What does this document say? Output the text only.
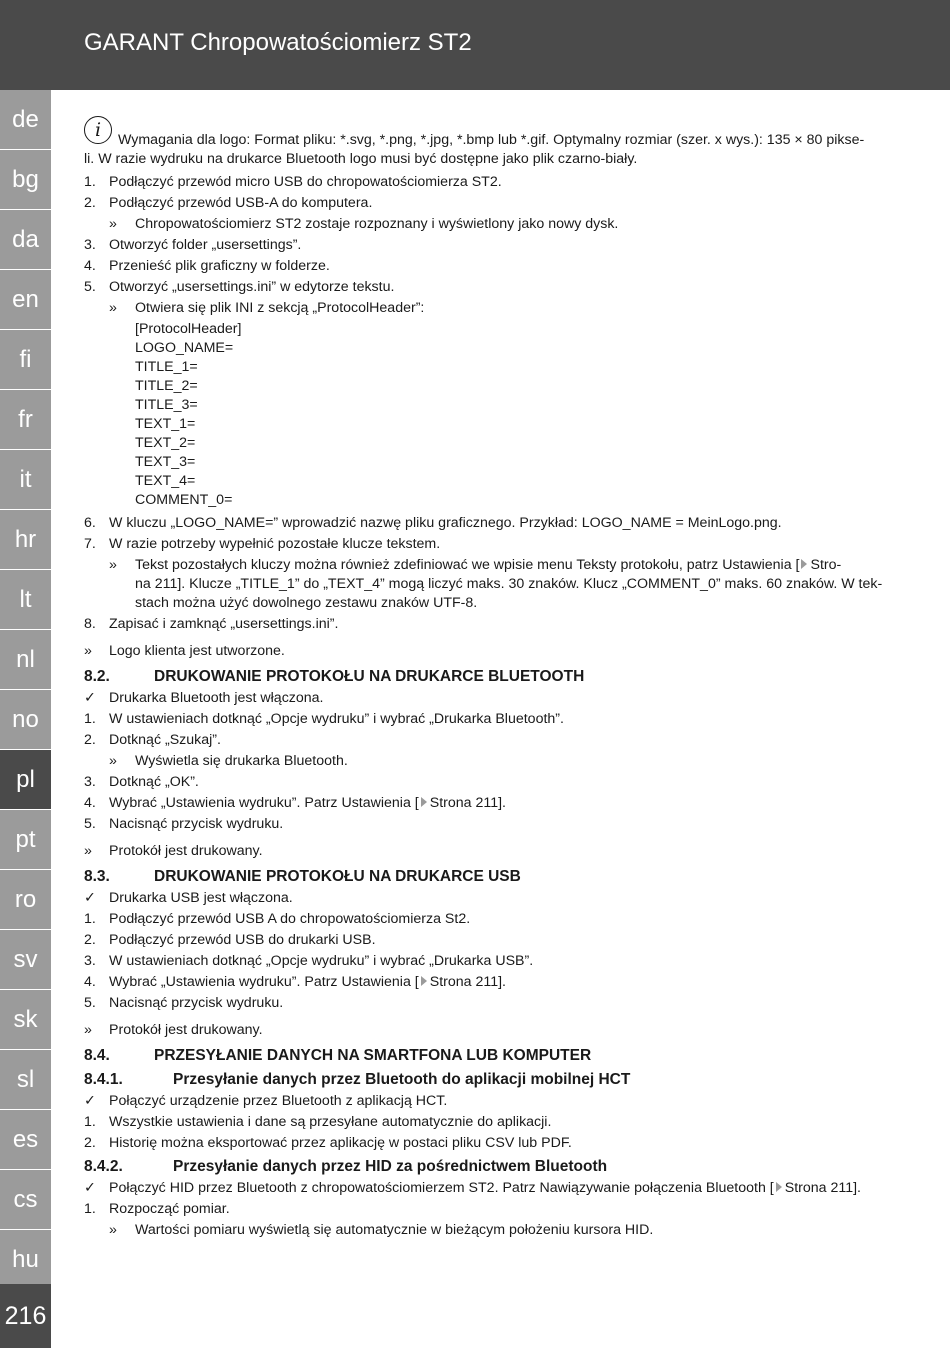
GARANT Chropowatościomierz ST2
de
bg
da
en
fi
fr
it
hr
lt
nl
no
pl
pt
ro
sv
sk
sl
es
cs
hu
216
i	Wymagania dla logo: Format pliku: *.svg, *.png, *.jpg, *.bmp lub *.gif. Optymalny rozmiar (szer. x wys.): 135 × 80 pikse-
li. W razie wydruku na drukarce Bluetooth logo musi być dostępne jako plik czarno-biały.
1. Podłączyć przewód micro USB do chropowatościomierza ST2.
2. Podłączyć przewód USB-A do komputera.
»	Chropowatościomierz ST2 zostaje rozpoznany i wyświetlony jako nowy dysk.
3. Otworzyć folder „usersettings”.
4. Przenieść plik graficzny w folderze.
5. Otworzyć „usersettings.ini” w edytorze tekstu.
»	Otwiera się plik INI z sekcją „ProtocolHeader”:
[ProtocolHeader]
LOGO_NAME=
TITLE_1=
TITLE_2=
TITLE_3=
TEXT_1=
TEXT_2=
TEXT_3=
TEXT_4=
COMMENT_0=
6. W kluczu „LOGO_NAME=” wprowadzić nazwę pliku graficznego. Przykład: LOGO_NAME = MeinLogo.png.
7. W razie potrzeby wypełnić pozostałe klucze tekstem.
»	Tekst pozostałych kluczy można również zdefiniować we wpisie menu Teksty protokołu, patrz Ustawienia [ Stro-
na 211]. Klucze „TITLE_1” do „TEXT_4” mogą liczyć maks. 30 znaków. Klucz „COMMENT_0” maks. 60 znaków. W tek-
stach można użyć dowolnego zestawu znaków UTF-8.
8. Zapisać i zamknąć „usersettings.ini”.
»	Logo klienta jest utworzone.
8.2.	DRUKOWANIE PROTOKOŁU NA DRUKARCE BLUETOOTH
✓ Drukarka Bluetooth jest włączona.
1. W ustawieniach dotknąć „Opcje wydruku” i wybrać „Drukarka Bluetooth”.
2. Dotknąć „Szukaj”.
»	Wyświetla się drukarka Bluetooth.
3. Dotknąć „OK”.
4. Wybrać „Ustawienia wydruku”. Patrz Ustawienia [ Strona 211].
5. Nacisnąć przycisk wydruku.
»	Protokół jest drukowany.
8.3.	DRUKOWANIE PROTOKOŁU NA DRUKARCE USB
✓ Drukarka USB jest włączona.
1. Podłączyć przewód USB A do chropowatościomierza St2.
2. Podłączyć przewód USB do drukarki USB.
3. W ustawieniach dotknąć „Opcje wydruku” i wybrać „Drukarka USB”.
4. Wybrać „Ustawienia wydruku”. Patrz Ustawienia [ Strona 211].
5. Nacisnąć przycisk wydruku.
»	Protokół jest drukowany.
8.4.	PRZESYŁANIE DANYCH NA SMARTFONA LUB KOMPUTER
8.4.1.	Przesyłanie danych przez Bluetooth do aplikacji mobilnej HCT
✓ Połączyć urządzenie przez Bluetooth z aplikacją HCT.
1. Wszystkie ustawienia i dane są przesyłane automatycznie do aplikacji.
2. Historię można eksportować przez aplikację w postaci pliku CSV lub PDF.
8.4.2.	Przesyłanie danych przez HID za pośrednictwem Bluetooth
✓ Połączyć HID przez Bluetooth z chropowatościomierzem ST2. Patrz Nawiązywanie połączenia Bluetooth [ Strona 211].
1. Rozpocząć pomiar.
»	Wartości pomiaru wyświetlą się automatycznie w bieżącym położeniu kursora HID.
